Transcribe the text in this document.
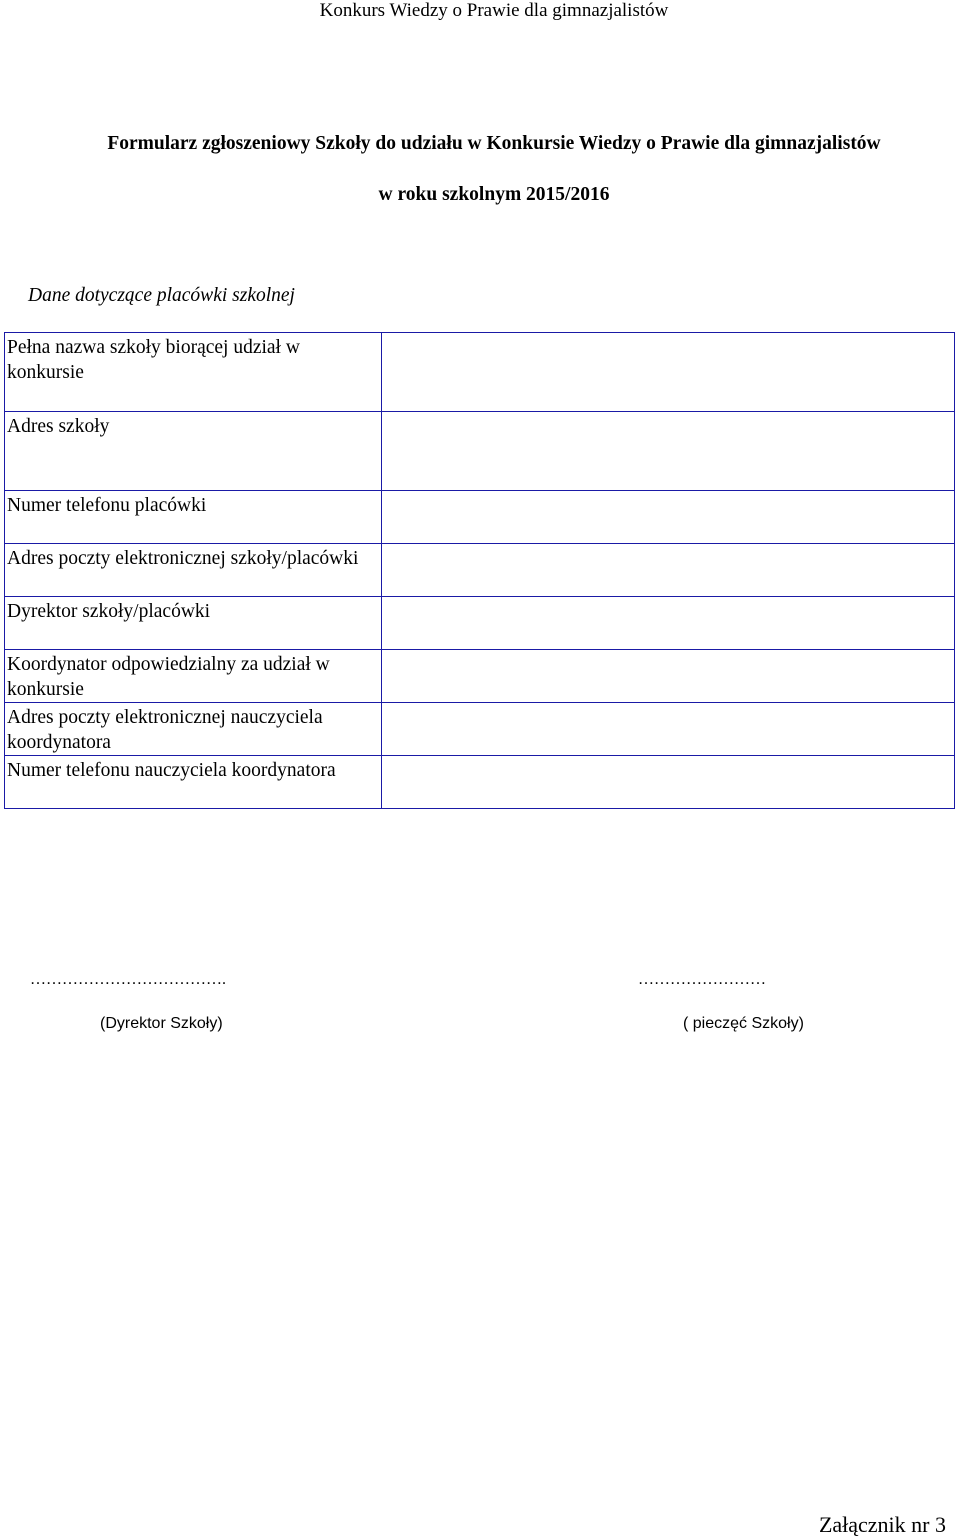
Konkurs Wiedzy o Prawie dla gimnazjalistów
Formularz zgłoszeniowy Szkoły do udziału w Konkursie Wiedzy o Prawie dla gimnazjalistów
w roku szkolnym 2015/2016
Dane dotyczące placówki szkolnej
Pełna nazwa szkoły biorącej udział w konkursie	
Adres szkoły	
Numer telefonu placówki	
Adres poczty elektronicznej szkoły/placówki	
Dyrektor szkoły/placówki	
Koordynator odpowiedzialny za udział w konkursie	
Adres poczty elektronicznej nauczyciela koordynatora	
Numer telefonu nauczyciela koordynatora	
……………………………….	……………………
(Dyrektor Szkoły)	( pieczęć Szkoły)
Załącznik nr 3
